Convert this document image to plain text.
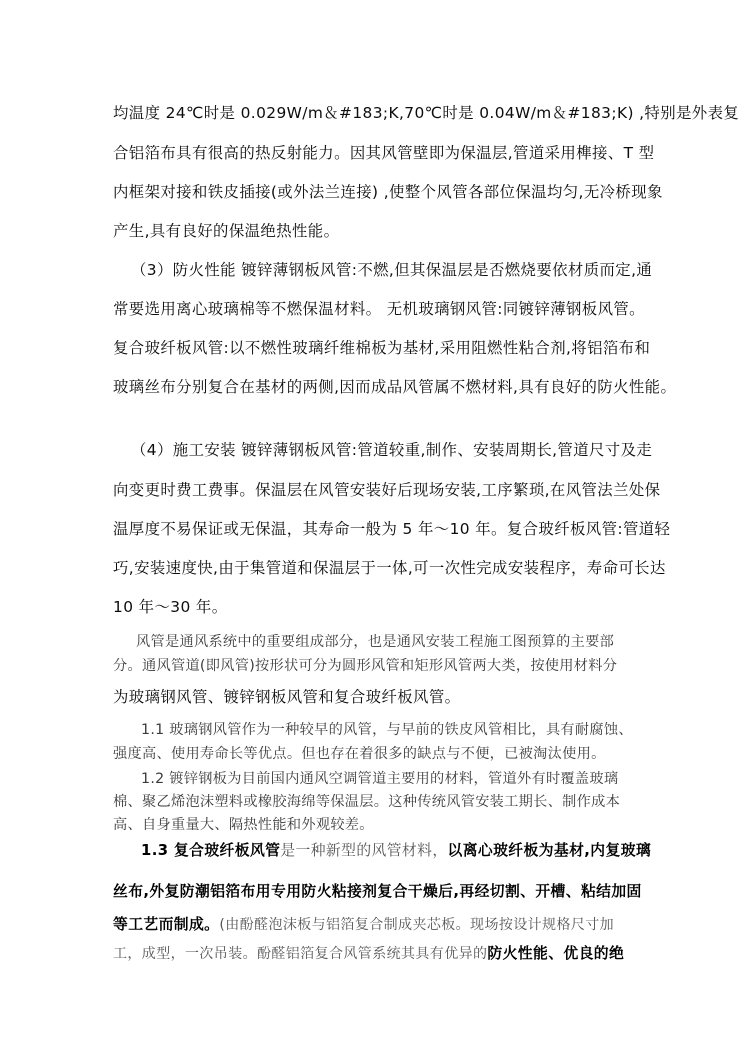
均温度 24℃时是 0.029W/m＆#183;K,70℃时是 0.04W/m＆#183;K) ,特别是外表复
合铝箔布具有很高的热反射能力。因其风管壁即为保温层,管道采用榫接、T 型
内框架对接和铁皮插接(或外法兰连接) ,使整个风管各部位保温均匀,无冷桥现象
产生,具有良好的保温绝热性能。
（3）防火性能 镀锌薄钢板风管:不燃,但其保温层是否燃烧要依材质而定,通
常要选用离心玻璃棉等不燃保温材料。 无机玻璃钢风管:同镀锌薄钢板风管。
复合玻纤板风管:以不燃性玻璃纤维棉板为基材,采用阻燃性粘合剂,将铝箔布和
玻璃丝布分别复合在基材的两侧,因而成品风管属不燃材料,具有良好的防火性能。
（4）施工安装 镀锌薄钢板风管:管道较重,制作、安装周期长,管道尺寸及走
向变更时费工费事。保温层在风管安装好后现场安装,工序繁琐,在风管法兰处保
温厚度不易保证或无保温，其寿命一般为 5 年～10 年。复合玻纤板风管:管道轻
巧,安装速度快,由于集管道和保温层于一体,可一次性完成安装程序，寿命可长达
10 年～30 年。
风管是通风系统中的重要组成部分，也是通风安装工程施工图预算的主要部
分。通风管道(即风管)按形状可分为圆形风管和矩形风管两大类，按使用材料分
为玻璃钢风管、镀锌钢板风管和复合玻纤板风管。
1.1 玻璃钢风管作为一种较早的风管，与早前的铁皮风管相比，具有耐腐蚀、
强度高、使用寿命长等优点。但也存在着很多的缺点与不便，已被淘汰使用。
1.2 镀锌钢板为目前国内通风空调管道主要用的材料，管道外有时覆盖玻璃
棉、聚乙烯泡沫塑料或橡胶海绵等保温层。这种传统风管安装工期长、制作成本
高、自身重量大、隔热性能和外观较差。
1.3 复合玻纤板风管是一种新型的风管材料，以离心玻纤板为基材,内复玻璃
丝布,外复防潮铝箔布用专用防火粘接剂复合干燥后,再经切割、开槽、粘结加固
等工艺而制成。(由酚醛泡沫板与铝箔复合制成夹芯板。现场按设计规格尺寸加
工，成型，一次吊装。酚醛铝箔复合风管系统其具有优异的防火性能、优良的绝
